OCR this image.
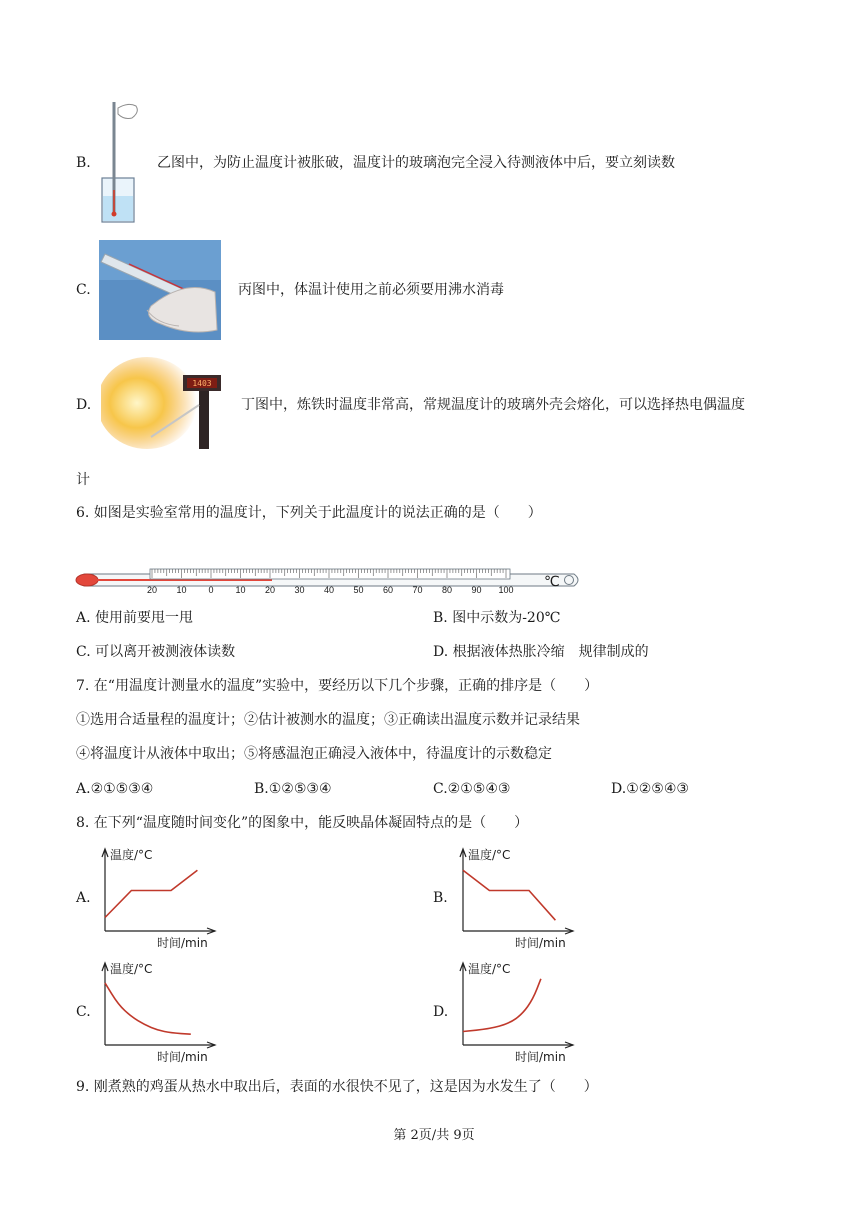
B.	乙图中，为防止温度计被胀破，温度计的玻璃泡完全浸入待测液体中后，要立刻读数
C.	丙图中，体温计使用之前必须要用沸水消毒
D.
1403
丁图中，炼铁时温度非常高，常规温度计的玻璃外壳会熔化，可以选择热电偶温度
计
6. 如图是实验室常用的温度计，下列关于此温度计的说法正确的是（　　）
20 10 0 10 20 30 40 50 60 70 80 90 100 ℃
A. 使用前要甩一甩	B. 图中示数为-20℃
C. 可以离开被测液体读数	D. 根据液体热胀冷缩　规律制成的
7. 在“用温度计测量水的温度”实验中，要经历以下几个步骤，正确的排序是（　　）
①选用合适量程的温度计；②估计被测水的温度；③正确读出温度示数并记录结果
④将温度计从液体中取出；⑤将感温泡正确浸入液体中，待温度计的示数稳定
A.②①⑤③④	B.①②⑤③④	C.②①⑤④③	D.①②⑤④③
8. 在下列“温度随时间变化”的图象中，能反映晶体凝固特点的是（　　）
A.
温度/°C
时间/min
B.
温度/°C
时间/min
C.
温度/°C
时间/min
D.
温度/°C
时间/min
9. 刚煮熟的鸡蛋从热水中取出后，表面的水很快不见了，这是因为水发生了（　　）
第 2页/共 9页
